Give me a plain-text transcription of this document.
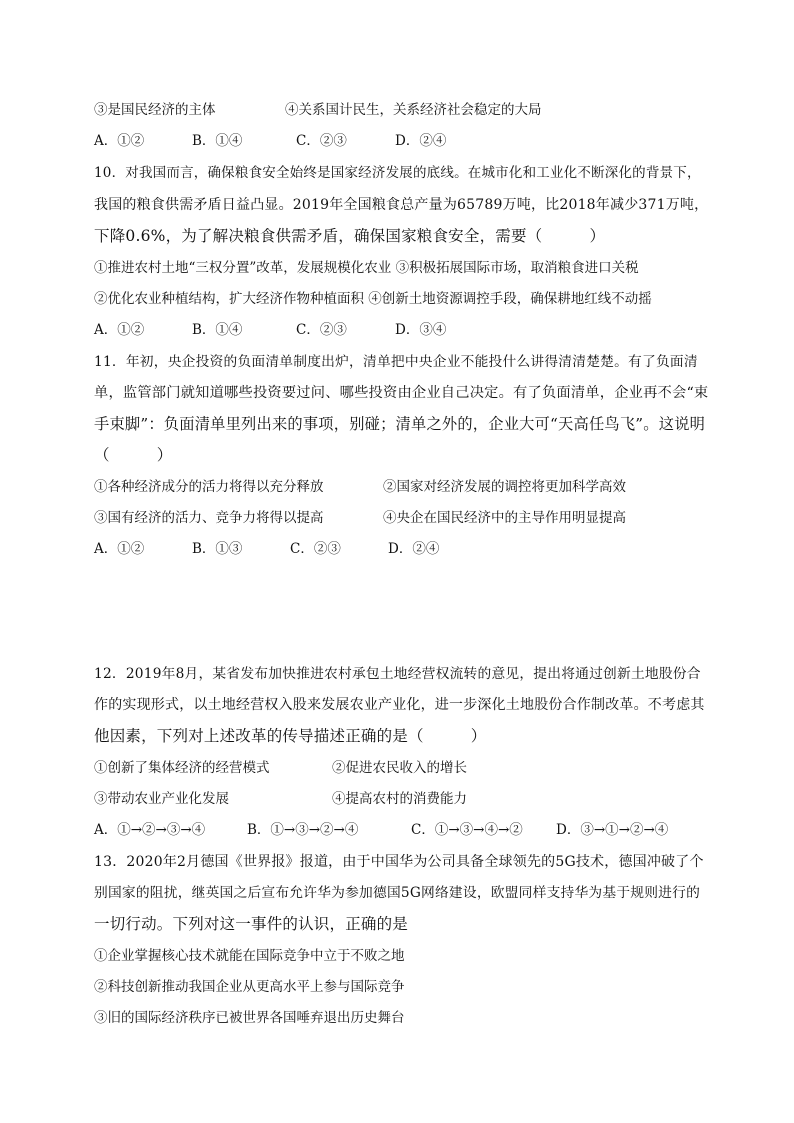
③是国民经济的主体	④关系国计民生，关系经济社会稳定的大局
A．①②	B．①④	C．②③	D．②④
10．对我国而言，确保粮食安全始终是国家经济发展的底线。在城市化和工业化不断深化的背景下，
我国的粮食供需矛盾日益凸显。2019年全国粮食总产量为65789万吨，比2018年减少371万吨，
下降0.6%，为了解决粮食供需矛盾，确保国家粮食安全，需要（　　　）
①推进农村土地“三权分置”改革，发展规模化农业 ③积极拓展国际市场，取消粮食进口关税
②优化农业种植结构，扩大经济作物种植面积 ④创新土地资源调控手段，确保耕地红线不动摇
A．①②	B．①④	C．②③	D．③④
11．年初，央企投资的负面清单制度出炉，清单把中央企业不能投什么讲得清清楚楚。有了负面清
单，监管部门就知道哪些投资要过问、哪些投资由企业自己决定。有了负面清单，企业再不会“束
手束脚”：负面清单里列出来的事项，别碰；清单之外的，企业大可“天高任鸟飞”。这说明
（　　　）
①各种经济成分的活力将得以充分释放	②国家对经济发展的调控将更加科学高效
③国有经济的活力、竞争力将得以提高	④央企在国民经济中的主导作用明显提高
A．①②	B．①③	C．②③	D．②④
12．2019年8月，某省发布加快推进农村承包土地经营权流转的意见，提出将通过创新土地股份合
作的实现形式，以土地经营权入股来发展农业产业化，进一步深化土地股份合作制改革。不考虑其
他因素，下列对上述改革的传导描述正确的是（　　　）
①创新了集体经济的经营模式	②促进农民收入的增长
③带动农业产业化发展	④提高农村的消费能力
A．①→②→③→④	B．①→③→②→④	C．①→③→④→② D．③→①→②→④
13．2020年2月德国《世界报》报道，由于中国华为公司具备全球领先的5G技术，德国冲破了个
别国家的阻扰，继英国之后宣布允许华为参加德国5G网络建设，欧盟同样支持华为基于规则进行的
一切行动。下列对这一事件的认识，正确的是
①企业掌握核心技术就能在国际竞争中立于不败之地
②科技创新推动我国企业从更高水平上参与国际竞争
③旧的国际经济秩序已被世界各国唾弃退出历史舞台
